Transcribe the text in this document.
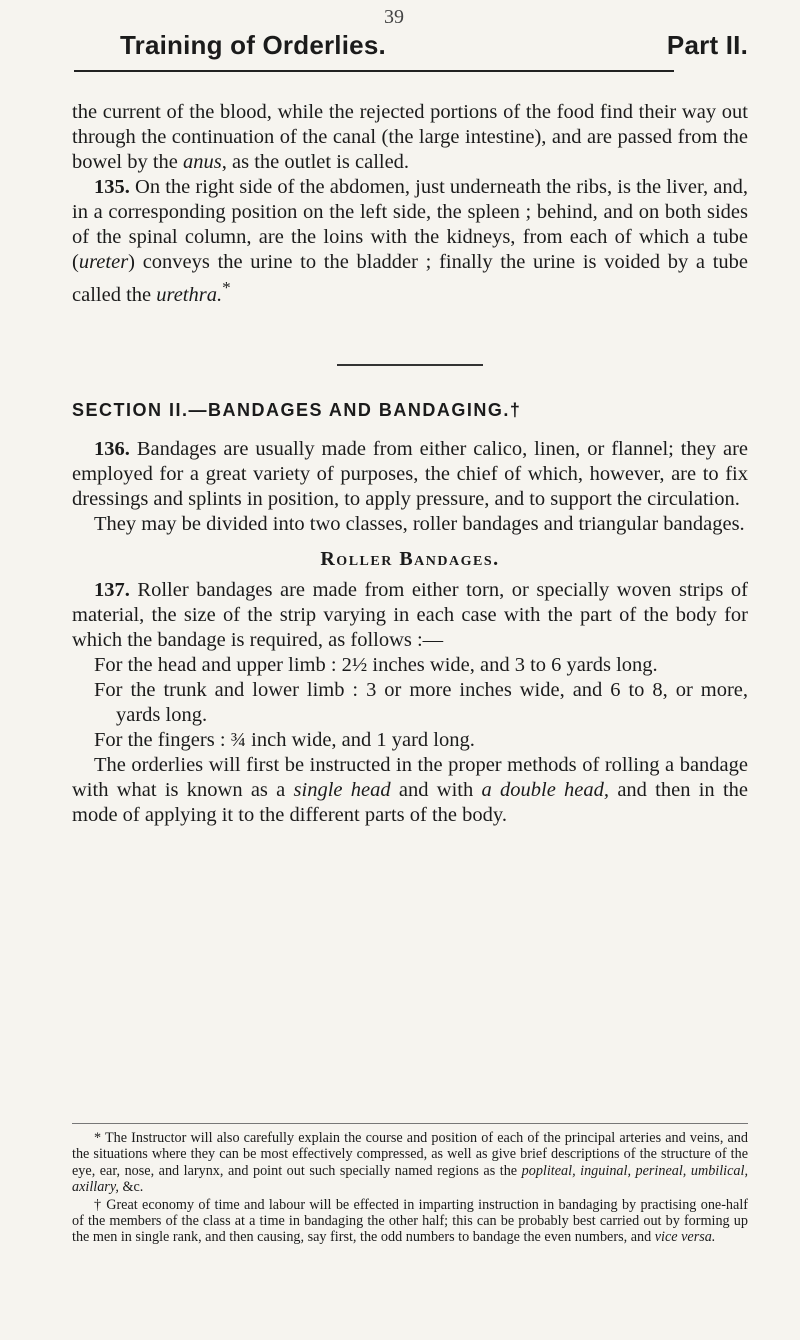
39
Training of Orderlies.	Part II.

the current of the blood, while the rejected portions of the food find their way out through the continuation of the canal (the large intestine), and are passed from the bowel by the anus, as the outlet is called.

135. On the right side of the abdomen, just underneath the ribs, is the liver, and, in a corresponding position on the left side, the spleen ; behind, and on both sides of the spinal column, are the loins with the kidneys, from each of which a tube (ureter) conveys the urine to the bladder ; finally the urine is voided by a tube called the urethra.*

SECTION II.—BANDAGES AND BANDAGING.†

136. Bandages are usually made from either calico, linen, or flannel; they are employed for a great variety of purposes, the chief of which, however, are to fix dressings and splints in position, to apply pressure, and to support the circulation.

They may be divided into two classes, roller bandages and triangular bandages.

Roller Bandages.

137. Roller bandages are made from either torn, or specially woven strips of material, the size of the strip varying in each case with the part of the body for which the bandage is required, as follows :—

For the head and upper limb : 2½ inches wide, and 3 to 6 yards long.

For the trunk and lower limb : 3 or more inches wide, and 6 to 8, or more, yards long.

For the fingers : ¾ inch wide, and 1 yard long.

The orderlies will first be instructed in the proper methods of rolling a bandage with what is known as a single head and with a double head, and then in the mode of applying it to the different parts of the body.

* The Instructor will also carefully explain the course and position of each of the principal arteries and veins, and the situations where they can be most effectively compressed, as well as give brief descriptions of the structure of the eye, ear, nose, and larynx, and point out such specially named regions as the popliteal, inguinal, perineal, umbilical, axillary, &c.

† Great economy of time and labour will be effected in imparting instruction in bandaging by practising one-half of the members of the class at a time in bandaging the other half; this can be probably best carried out by forming up the men in single rank, and then causing, say first, the odd numbers to bandage the even numbers, and vice versa.
